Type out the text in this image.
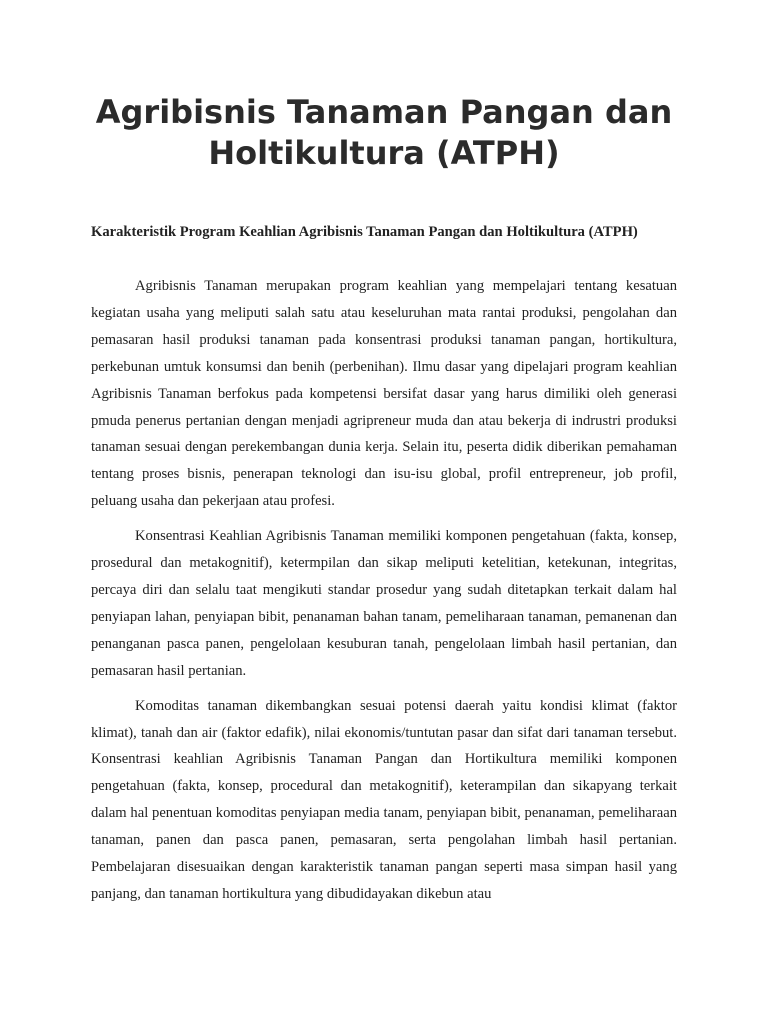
Agribisnis Tanaman Pangan dan Holtikultura (ATPH)
Karakteristik Program Keahlian Agribisnis Tanaman Pangan dan Holtikultura (ATPH)

Agribisnis Tanaman merupakan program keahlian yang mempelajari tentang kesatuan kegiatan usaha yang meliputi salah satu atau keseluruhan mata rantai produksi, pengolahan dan pemasaran hasil produksi tanaman pada konsentrasi produksi tanaman pangan, hortikultura, perkebunan umtuk konsumsi dan benih (perbenihan). Ilmu dasar yang dipelajari program keahlian Agribisnis Tanaman berfokus pada kompetensi bersifat dasar yang harus dimiliki oleh generasi pmuda penerus pertanian dengan menjadi agripreneur muda dan atau bekerja di indrustri produksi tanaman sesuai dengan perekembangan dunia kerja. Selain itu, peserta didik diberikan pemahaman tentang proses bisnis, penerapan teknologi dan isu-isu global, profil entrepreneur, job profil, peluang usaha dan pekerjaan atau profesi.

Konsentrasi Keahlian Agribisnis Tanaman memiliki komponen pengetahuan (fakta, konsep, prosedural dan metakognitif), ketermpilan dan sikap meliputi ketelitian, ketekunan, integritas, percaya diri dan selalu taat mengikuti standar prosedur yang sudah ditetapkan terkait dalam hal penyiapan lahan, penyiapan bibit, penanaman bahan tanam, pemeliharaan tanaman, pemanenan dan penanganan pasca panen, pengelolaan kesuburan tanah, pengelolaan limbah hasil pertanian, dan pemasaran hasil pertanian.

Komoditas tanaman dikembangkan sesuai potensi daerah yaitu kondisi klimat (faktor klimat), tanah dan air (faktor edafik), nilai ekonomis/tuntutan pasar dan sifat dari tanaman tersebut. Konsentrasi keahlian Agribisnis Tanaman Pangan dan Hortikultura memiliki komponen pengetahuan (fakta, konsep, procedural dan metakognitif), keterampilan dan sikapyang terkait dalam hal penentuan komoditas penyiapan media tanam, penyiapan bibit, penanaman, pemeliharaan tanaman, panen dan pasca panen, pemasaran, serta pengolahan limbah hasil pertanian. Pembelajaran disesuaikan dengan karakteristik tanaman pangan seperti masa simpan hasil yang panjang, dan tanaman hortikultura yang dibudidayakan dikebun atau
